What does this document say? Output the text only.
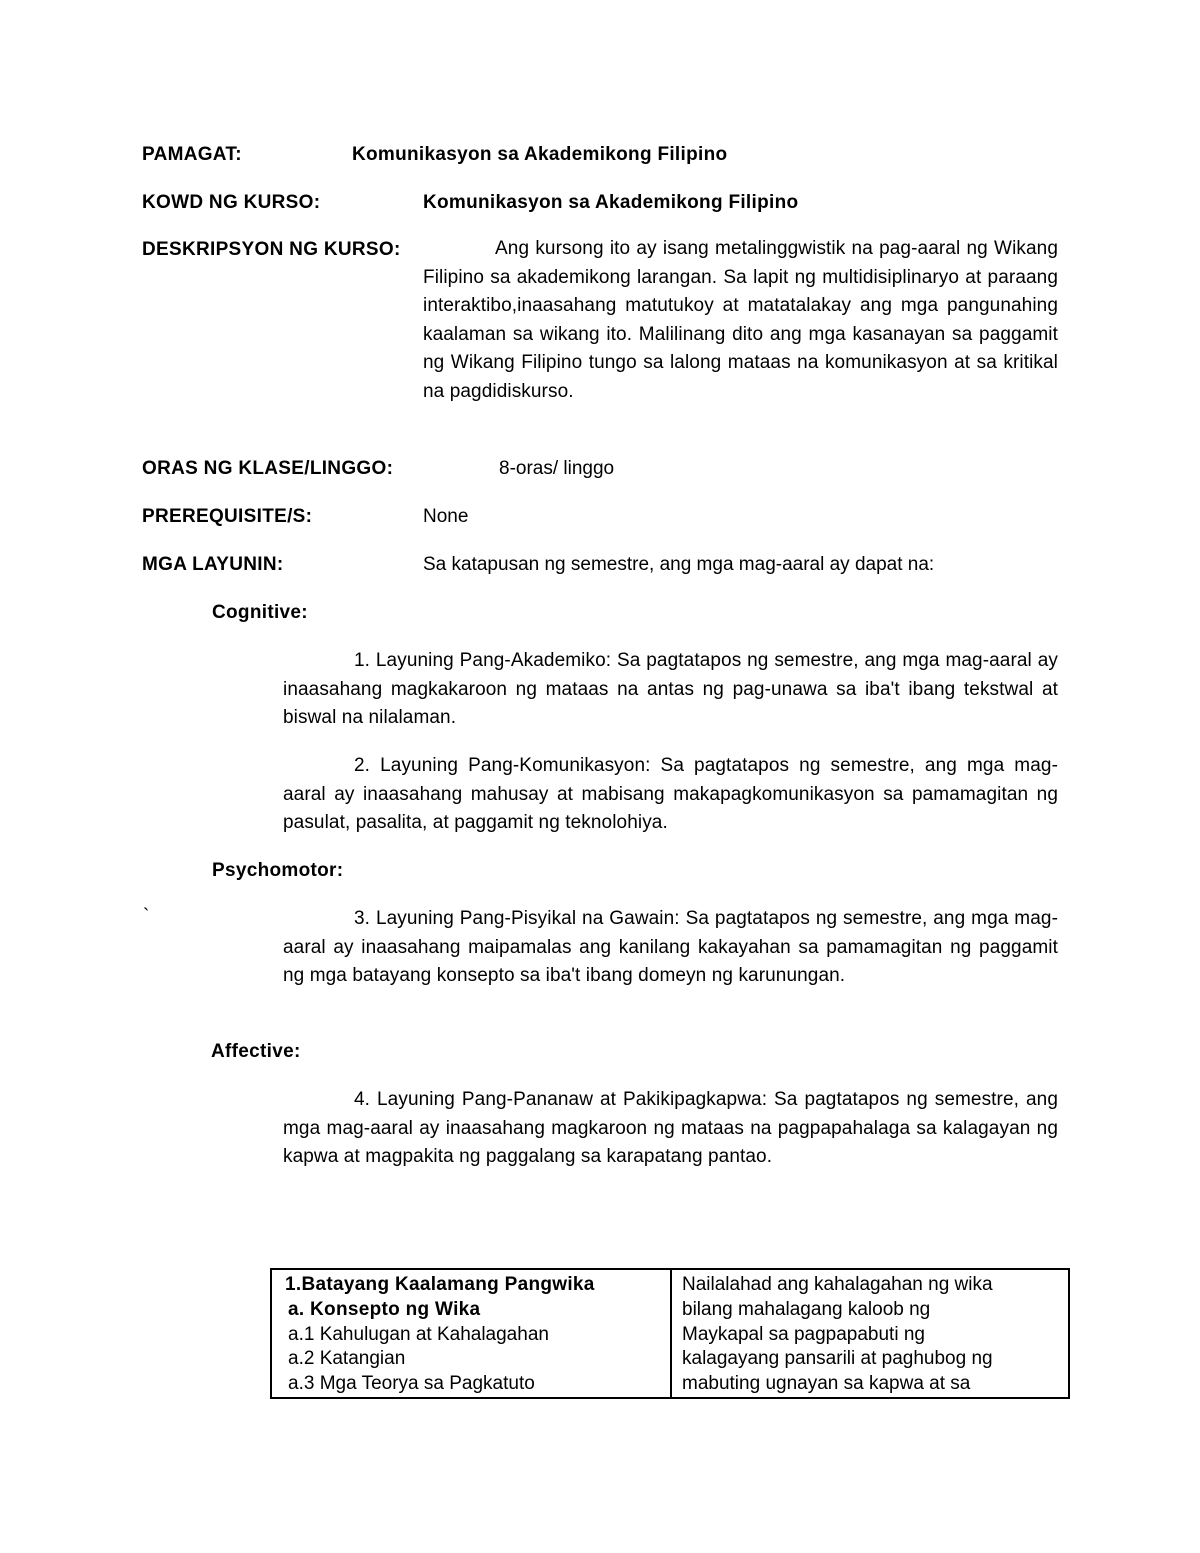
PAMAGAT:	Komunikasyon sa Akademikong Filipino
KOWD NG KURSO:	Komunikasyon sa Akademikong Filipino
DESKRIPSYON NG KURSO:	Ang kursong ito ay isang metalinggwistik na pag-aaral ng Wikang Filipino sa akademikong larangan. Sa lapit ng multidisiplinaryo at paraang interaktibo,inaasahang matutukoy at matatalakay ang mga pangunahing kaalaman sa wikang ito. Malilinang dito ang mga kasanayan sa paggamit ng Wikang Filipino tungo sa lalong mataas na komunikasyon at sa kritikal na pagdidiskurso.
ORAS NG KLASE/LINGGO:	8-oras/ linggo
PREREQUISITE/S:	None
MGA LAYUNIN:	Sa katapusan ng semestre, ang mga mag-aaral ay dapat na:
Cognitive:
1. Layuning Pang-Akademiko: Sa pagtatapos ng semestre, ang mga mag-aaral ay inaasahang magkakaroon ng mataas na antas ng pag-unawa sa iba't ibang tekstwal at biswal na nilalaman.
2. Layuning Pang-Komunikasyon: Sa pagtatapos ng semestre, ang mga mag-aaral ay inaasahang mahusay at mabisang makapagkomunikasyon sa pamamagitan ng pasulat, pasalita, at paggamit ng teknolohiya.
Psychomotor:
`	3. Layuning Pang-Pisyikal na Gawain: Sa pagtatapos ng semestre, ang mga mag-aaral ay inaasahang maipamalas ang kanilang kakayahan sa pamamagitan ng paggamit ng mga batayang konsepto sa iba't ibang domeyn ng karunungan.
Affective:
4. Layuning Pang-Pananaw at Pakikipagkapwa: Sa pagtatapos ng semestre, ang mga mag-aaral ay inaasahang magkaroon ng mataas na pagpapahalaga sa kalagayan ng kapwa at magpakita ng paggalang sa karapatang pantao.
1.Batayang Kaalamang Pangwika
a. Konsepto ng Wika
a.1 Kahulugan at Kahalagahan
a.2 Katangian
a.3 Mga Teorya sa Pagkatuto

Nailalahad ang kahalagahan ng wika
bilang mahalagang kaloob ng
Maykapal sa pagpapabuti ng
kalagayang pansarili at paghubog ng
mabuting ugnayan sa kapwa at sa
